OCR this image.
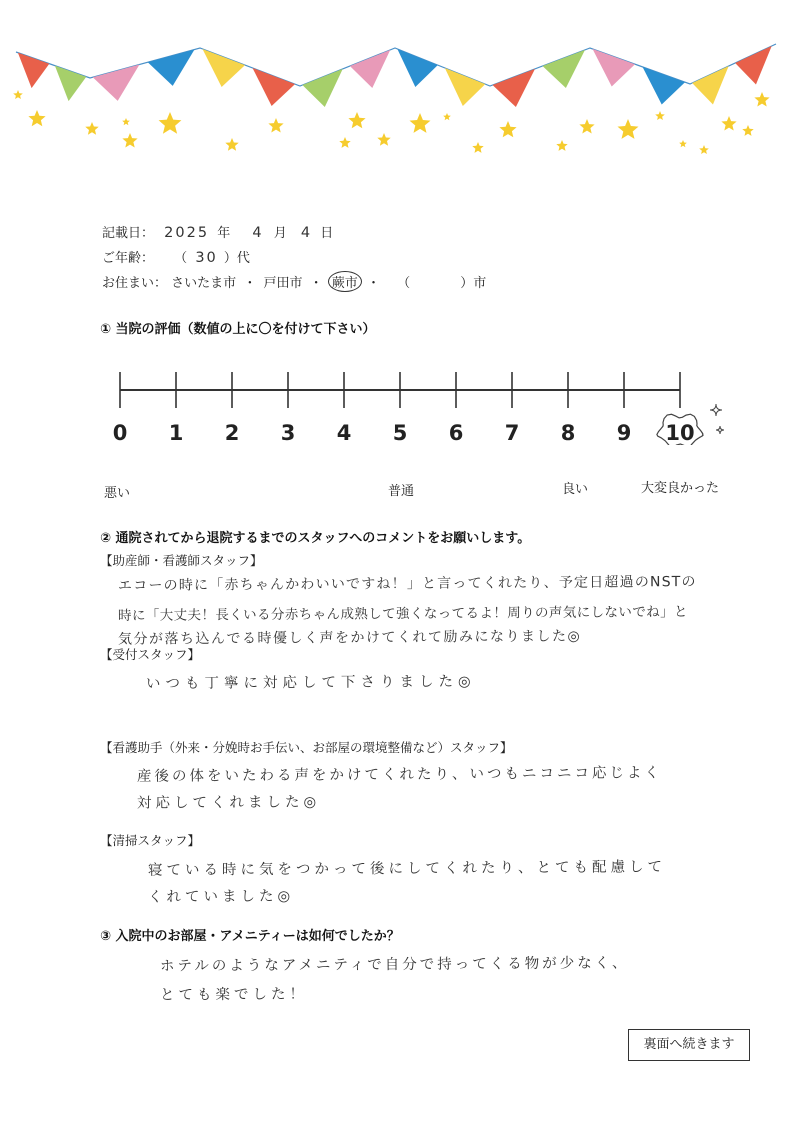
記載日： 2025 年 4 月 4 日
ご年齢： （ 30 ）代
お住まい： さいたま市 ・ 戸田市 ・ 蕨市 ・ （	）市
① 当院の評価（数値の上に〇を付けて下さい）
0 1 2 3 4 5 6 7 8 9 10
悪い	普通	良い	大変良かった
② 通院されてから退院するまでのスタッフへのコメントをお願いします。
【助産師・看護師スタッフ】
エコーの時に「赤ちゃんかわいいですね！」と言ってくれたり、予定日超過のNSTの
時に「大丈夫！長くいる分赤ちゃん成熟して強くなってるよ！周りの声気にしないでね」と
気分が落ち込んでる時優しく声をかけてくれて励みになりました◎
【受付スタッフ】
いつも丁寧に対応して下さりました◎
【看護助手（外来・分娩時お手伝い、お部屋の環境整備など）スタッフ】
産後の体をいたわる声をかけてくれたり、いつもニコニコ応じよく
対応してくれました◎
【清掃スタッフ】
寝ている時に気をつかって後にしてくれたり、とても配慮して
くれていました◎
③ 入院中のお部屋・アメニティーは如何でしたか？
ホテルのようなアメニティで自分で持ってくる物が少なく、
とても楽でした！
裏面へ続きます
